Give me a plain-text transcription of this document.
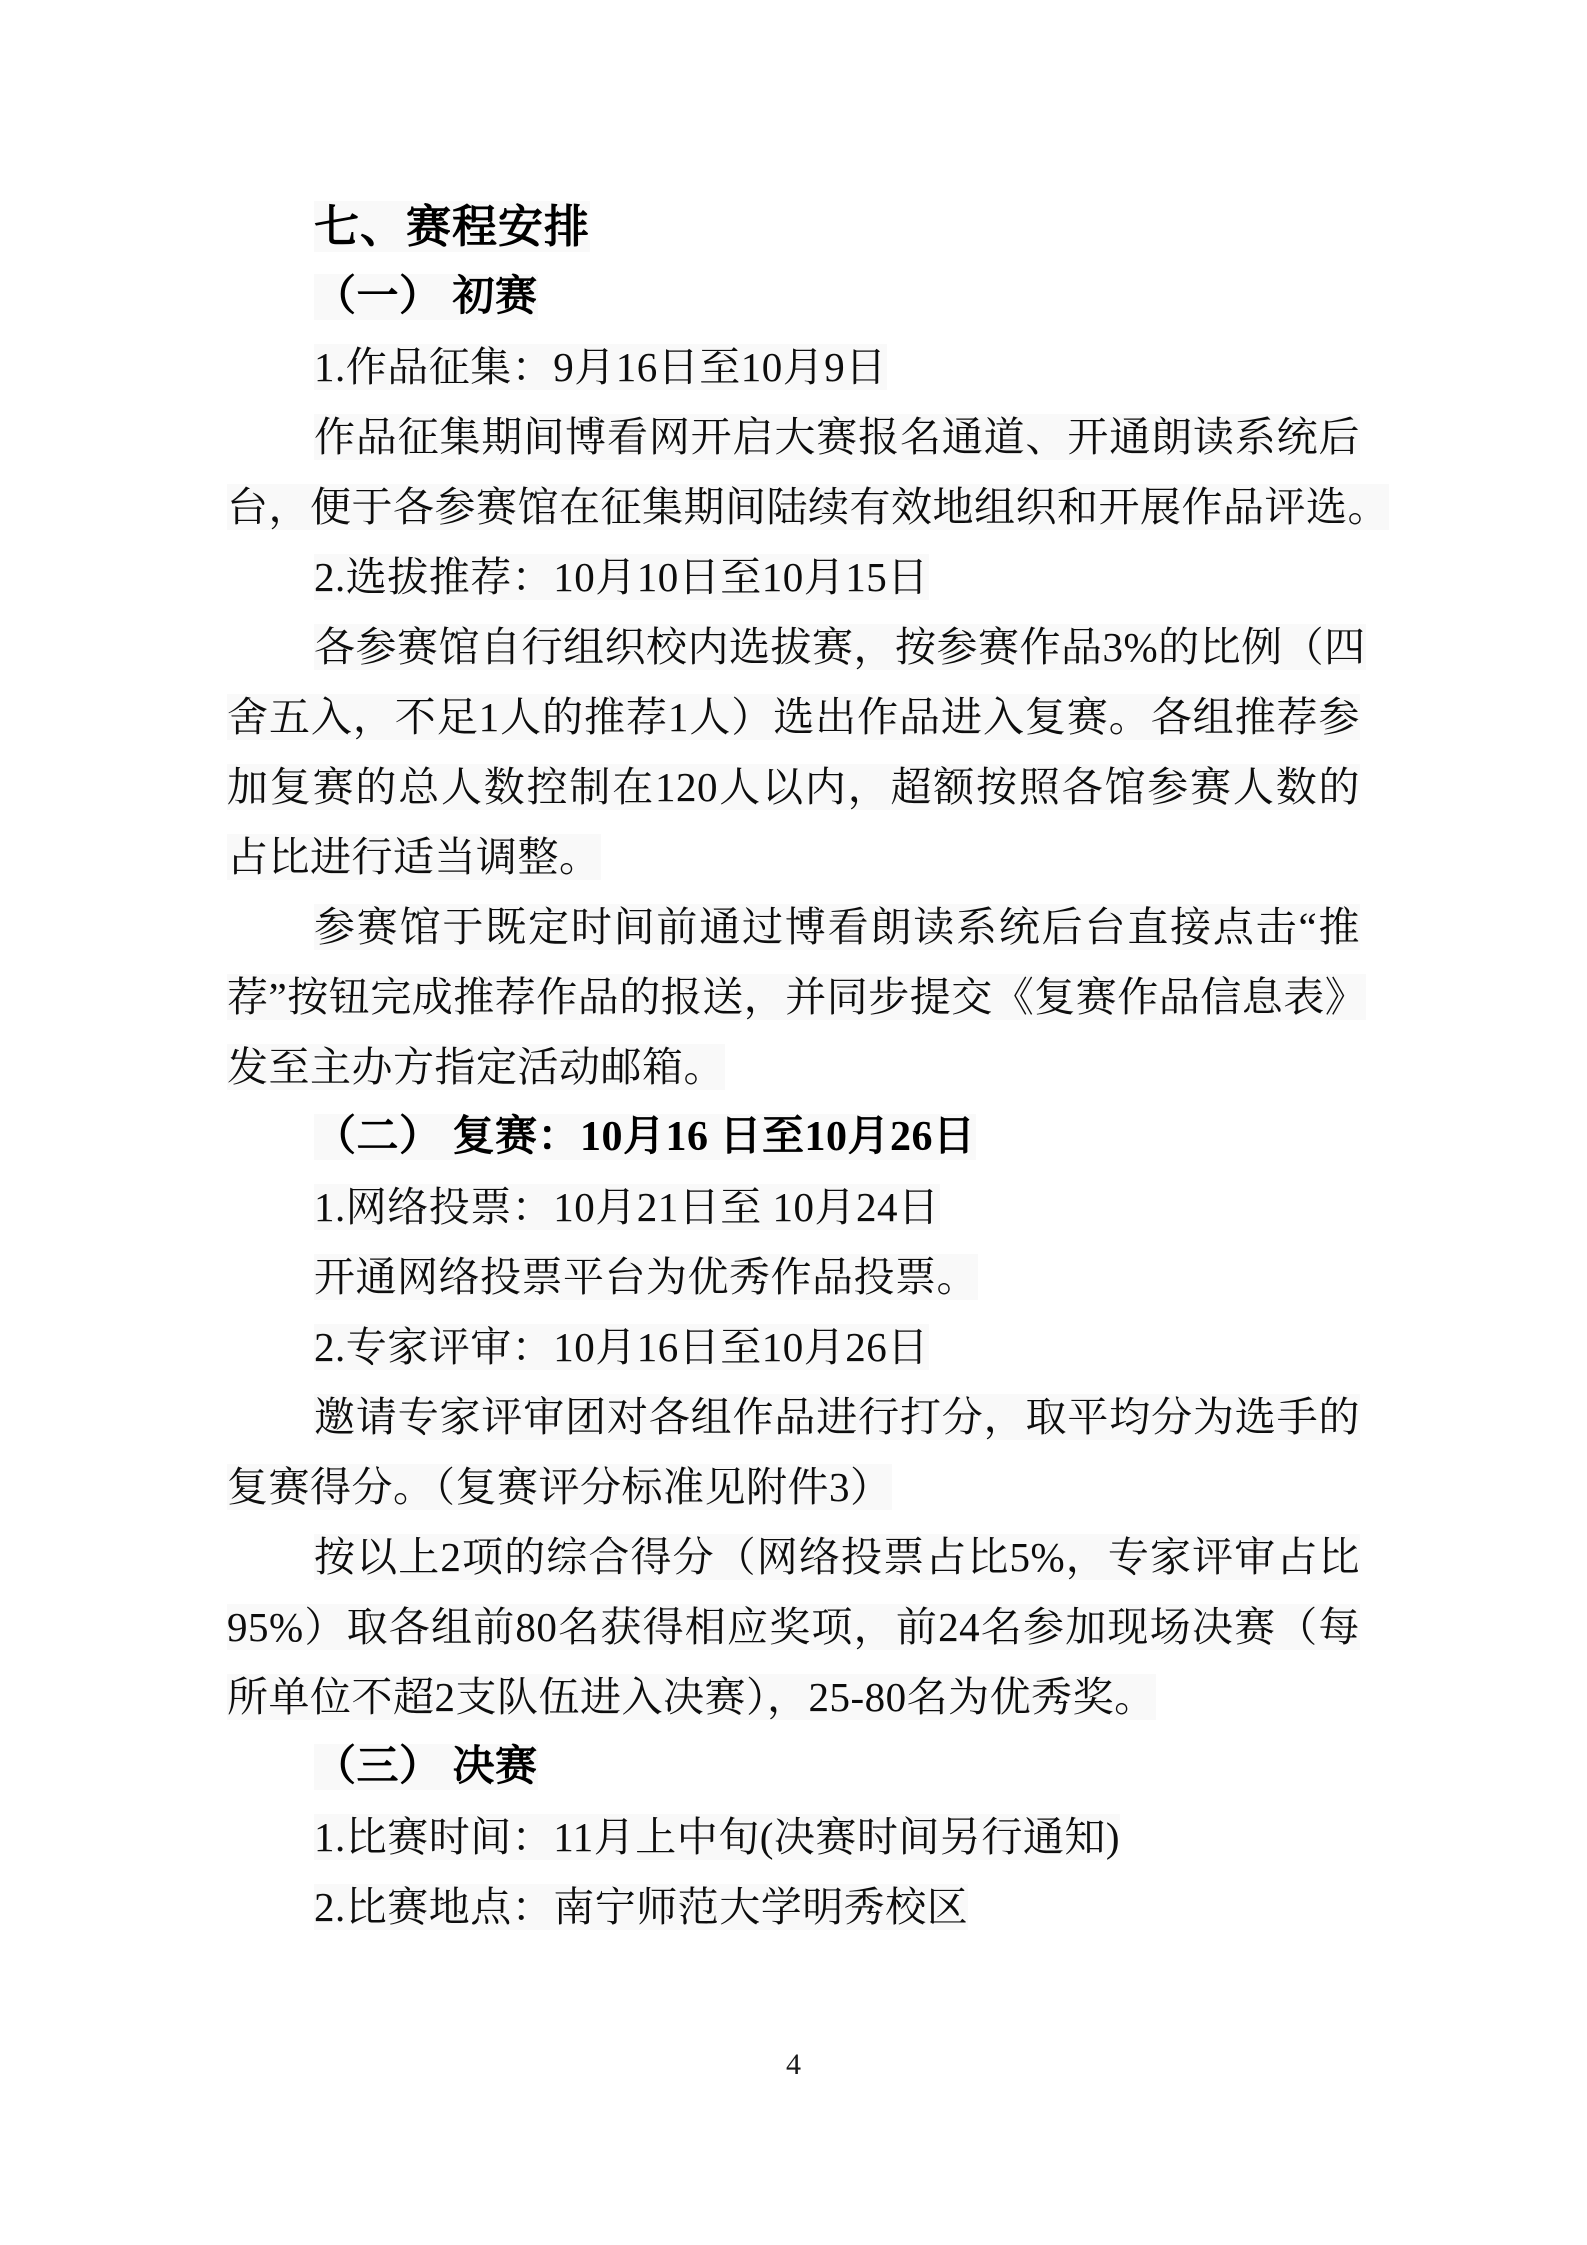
七、赛程安排
（一） 初赛
1.作品征集：9月16日至10月9日
作品征集期间博看网开启大赛报名通道、开通朗读系统后
台，便于各参赛馆在征集期间陆续有效地组织和开展作品评选。
2.选拔推荐：10月10日至10月15日
各参赛馆自行组织校内选拔赛，按参赛作品3%的比例（四
舍五入，不足1人的推荐1人）选出作品进入复赛。各组推荐参
加复赛的总人数控制在120人以内，超额按照各馆参赛人数的
占比进行适当调整。
参赛馆于既定时间前通过博看朗读系统后台直接点击“推
荐”按钮完成推荐作品的报送，并同步提交《复赛作品信息表》
发至主办方指定活动邮箱。
（二） 复赛：10月16 日至10月26日
1.网络投票：10月21日至 10月24日
开通网络投票平台为优秀作品投票。
2.专家评审：10月16日至10月26日
邀请专家评审团对各组作品进行打分，取平均分为选手的
复赛得分。（复赛评分标准见附件3）
按以上2项的综合得分（网络投票占比5%，专家评审占比
95%）取各组前80名获得相应奖项，前24名参加现场决赛（每
所单位不超2支队伍进入决赛），25-80名为优秀奖。
（三） 决赛
1.比赛时间：11月上中旬(决赛时间另行通知)
2.比赛地点：南宁师范大学明秀校区
4
